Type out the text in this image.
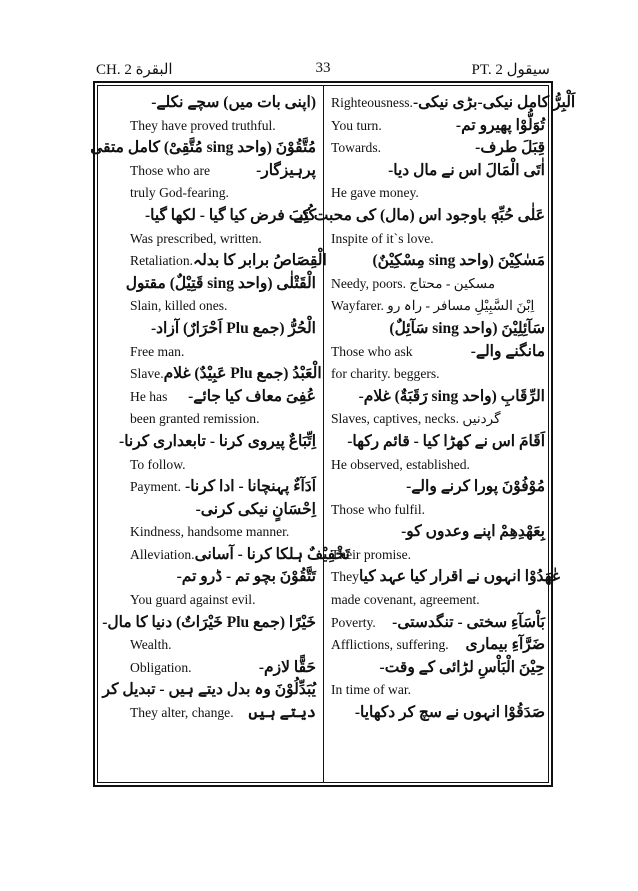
CH. 2 البقرة	33	PT. 2 سيقول
(اپنی بات میں) سچے نکلے-
They have proved truthful.
مُتَّقُوْنَ (واحد sing مُتَّقِیْ) کامل متقی
Those who are	پرہیزگار-
truly God-fearing.
كُتِبَ فرض کیا گیا - لکھا گیا-
Was prescribed, written.
Retaliation. الْقِصَاصُ برابر کا بدلہ
الْقَتْلٰى (واحد sing قَتِيْلٌ) مقتول
Slain, killed ones.
الْحُرُّ (جمع Plu اَحْرَارٌ) آزاد-
Free man.
Slave. الْعَبْدُ (جمع Plu عَبِيْدٌ) غلام
He has عُفِىَ معاف کیا جائے-
been granted remission.
اِتِّبَاعٌ پیروی کرنا - تابعداری کرنا-
To follow.
Payment. اَدَآءٌ پہنچانا - ادا کرنا-
اِحْسَانٍ نیکی کرنی-
Kindness, handsome manner.
Alleviation. تَخْفِيْفٌ ہلکا کرنا - آسانی
تَتَّقُوْنَ بچو تم - ڈرو تم-
You guard against evil.
خَيْرًا (جمع Plu خَيْرَاتٌ) دنیا کا مال-
Wealth.
Obligation.	حَقًّا لازم-
يُبَدِّلُوْنَ وہ بدل دیتے ہیں - تبدیل کر
They alter, change. دیتے ہیں
Righteousness. اَلْبِرُّ كامل نيكى-بڑى نيكى-
You turn.	تُوَلُّوْا پھیرو تم-
Towards.	قِبَلَ طرف-
اٰتَى الْمَالَ اس نے مال دیا-
He gave money.
عَلٰى حُبِّهٖ باوجود اس (مال) کی محبت کے
Inspite of it`s love.
مَسٰكِيْنَ (واحد sing مِسْكِيْنٌ)
Needy, poors. مسکین - محتاج
Wayfarer. اِبْنَ السَّبِيْلِ مسافر - راہ رو
سَآئِلِيْنَ (واحد sing سَآئِلٌ)
Those who ask	مانگنے والے-
for charity. beggers.
الرِّقَابِ (واحد sing رَقَبَةٌ) غلام-
Slaves, captives, necks. گردنیں
اَقَامَ اس نے کھڑا کیا - قائم رکھا-
He observed, established.
مُوْفُوْنَ پورا کرنے والے-
Those who fulfil.
بِعَهْدِهِمْ اپنے وعدوں کو-
Their promise.
They عٰهَدُوْا انہوں نے اقرار کیا عہد کیا
made covenant, agreement.
Poverty. بَاْسَآءِ سختی - تنگدستی-
Afflictions, suffering. ضَرَّآءِ بیماری
حِيْنَ الْبَاْسِ لڑائی کے وقت-
In time of war.
صَدَقُوْا انہوں نے سچ کر دکھایا-
